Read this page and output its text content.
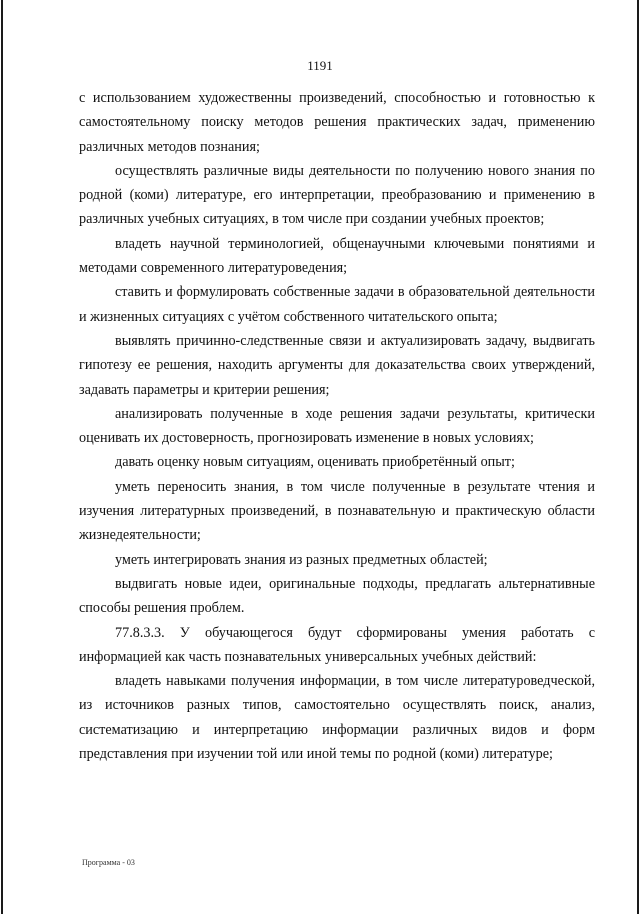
1191

с использованием художественны произведений, способностью и готовностью к самостоятельному поиску методов решения практических задач, применению различных методов познания;

осуществлять различные виды деятельности по получению нового знания по родной (коми) литературе, его интерпретации, преобразованию и применению в различных учебных ситуациях, в том числе при создании учебных проектов;

владеть научной терминологией, общенаучными ключевыми понятиями и методами современного литературоведения;

ставить и формулировать собственные задачи в образовательной деятельности и жизненных ситуациях с учётом собственного читательского опыта;

выявлять причинно-следственные связи и актуализировать задачу, выдвигать гипотезу ее решения, находить аргументы для доказательства своих утверждений, задавать параметры и критерии решения;

анализировать полученные в ходе решения задачи результаты, критически оценивать их достоверность, прогнозировать изменение в новых условиях;

давать оценку новым ситуациям, оценивать приобретённый опыт;

уметь переносить знания, в том числе полученные в результате чтения и изучения литературных произведений, в познавательную и практическую области жизнедеятельности;

уметь интегрировать знания из разных предметных областей;

выдвигать новые идеи, оригинальные подходы, предлагать альтернативные способы решения проблем.

77.8.3.3. У обучающегося будут сформированы умения работать с информацией как часть познавательных универсальных учебных действий:

владеть навыками получения информации, в том числе литературоведческой, из источников разных типов, самостоятельно осуществлять поиск, анализ, систематизацию и интерпретацию информации различных видов и форм представления при изучении той или иной темы по родной (коми) литературе;

Программа - 03
